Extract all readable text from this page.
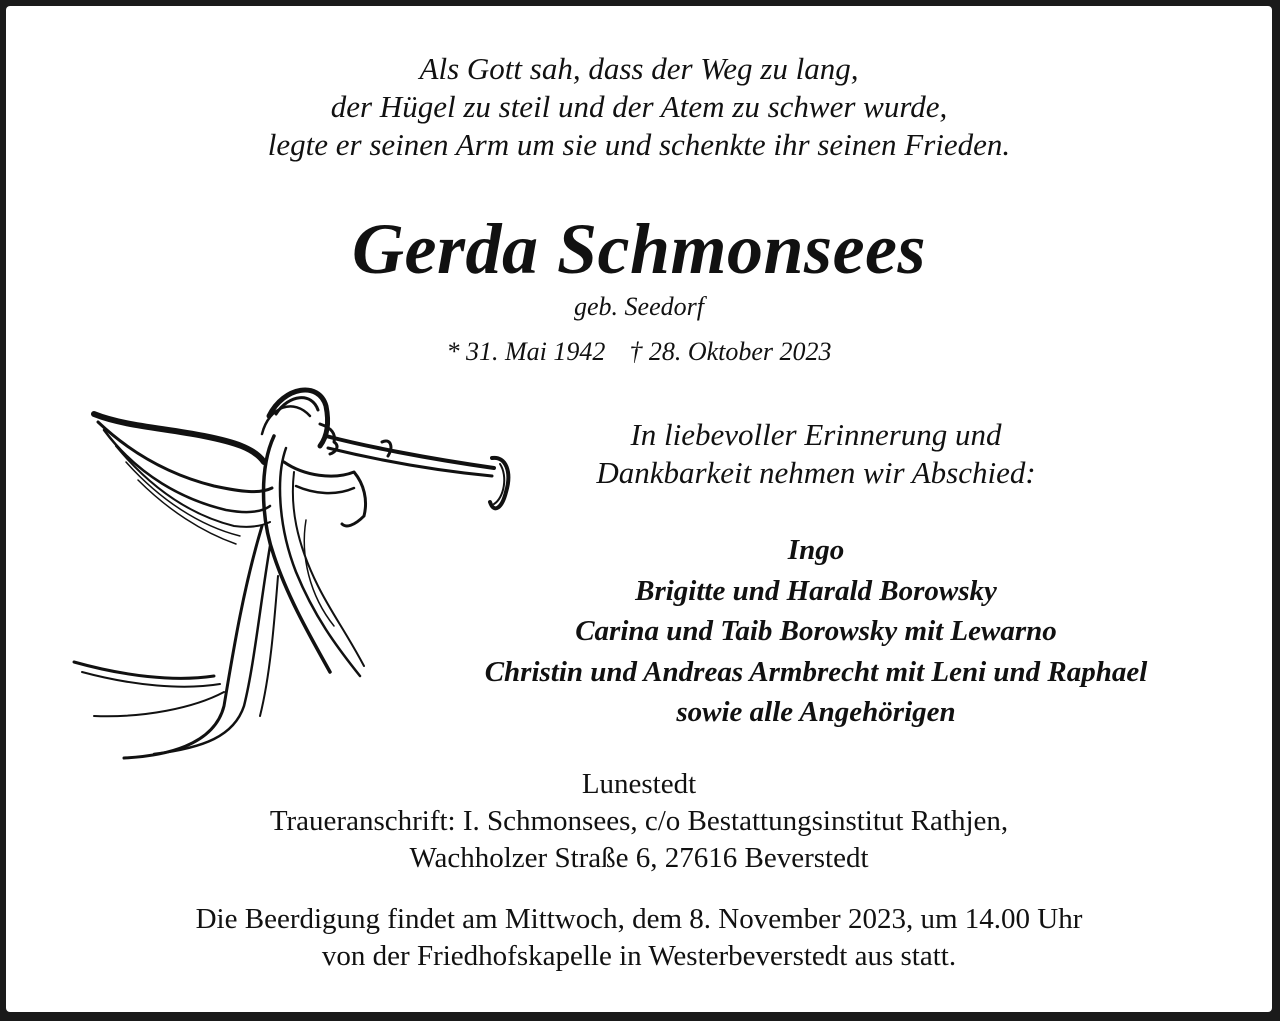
Als Gott sah, dass der Weg zu lang,
der Hügel zu steil und der Atem zu schwer wurde,
legte er seinen Arm um sie und schenkte ihr seinen Frieden.
Gerda Schmonsees
geb. Seedorf
* 31. Mai 1942 † 28. Oktober 2023
In liebevoller Erinnerung und
Dankbarkeit nehmen wir Abschied:
Ingo
Brigitte und Harald Borowsky
Carina und Taib Borowsky mit Lewarno
Christin und Andreas Armbrecht mit Leni und Raphael
sowie alle Angehörigen
Lunestedt
Traueranschrift: I. Schmonsees, c/o Bestattungsinstitut Rathjen,
Wachholzer Straße 6, 27616 Beverstedt
Die Beerdigung findet am Mittwoch, dem 8. November 2023, um 14.00 Uhr
von der Friedhofskapelle in Westerbeverstedt aus statt.
